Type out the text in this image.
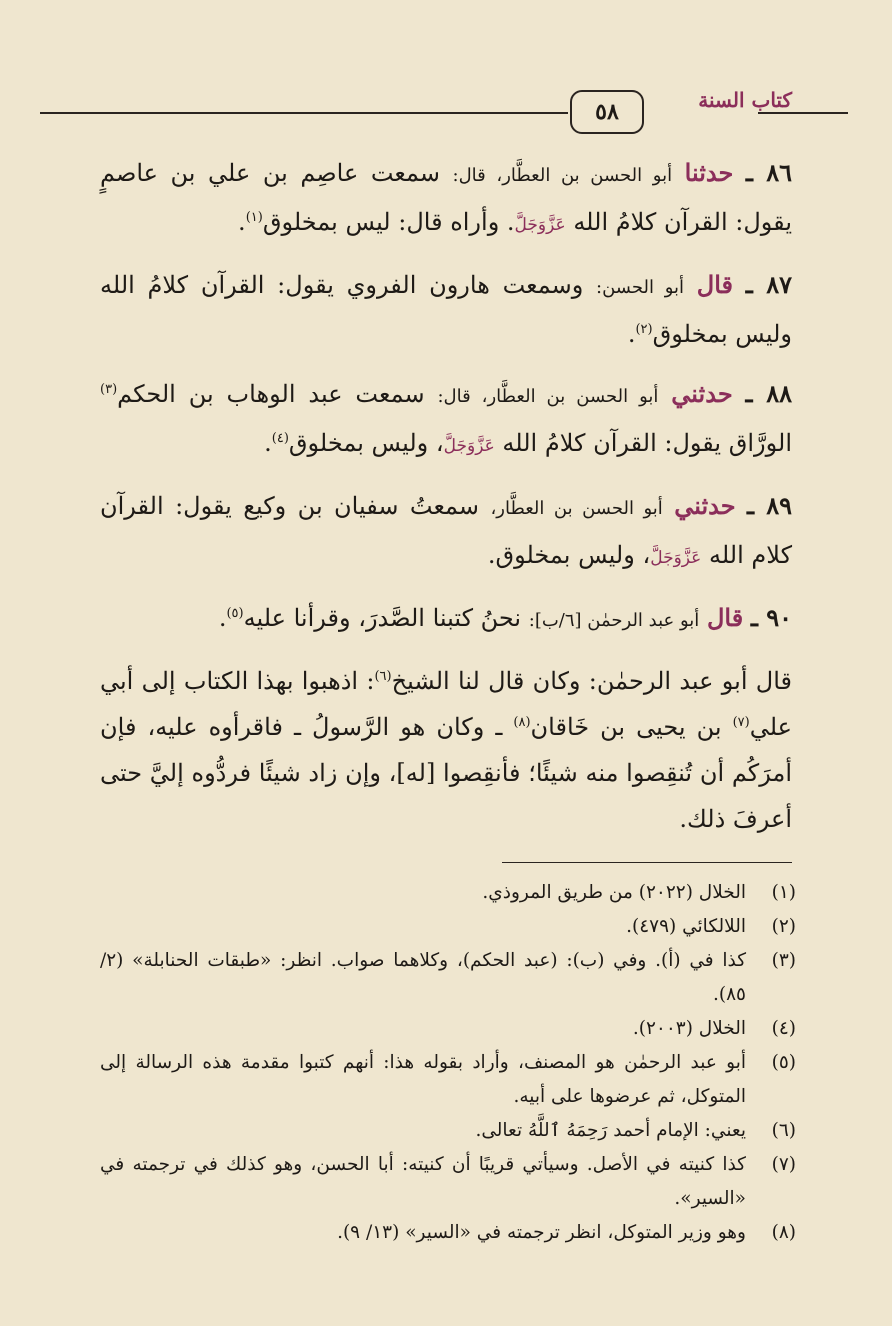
كتاب السنة
٥٨

٨٦ ـ حدثنا أبو الحسن بن العطَّار، قال: سمعت عاصِم بن علي بن عاصمٍ يقول: القرآن كلامُ الله عَزَّوَجَلَّ. وأراه قال: ليس بمخلوق$^{(١)}$.

٨٧ ـ قال أبو الحسن: وسمعت هارون الفروي يقول: القرآن كلامُ الله وليس بمخلوق$^{(٢)}$.

٨٨ ـ حدثني أبو الحسن بن العطَّار، قال: سمعت عبد الوهاب بن الحكم$^{(٣)}$ الورَّاق يقول: القرآن كلامُ الله عَزَّوَجَلَّ، وليس بمخلوق$^{(٤)}$.

٨٩ ـ حدثني أبو الحسن بن العطَّار، سمعتُ سفيان بن وكيع يقول: القرآن كلام الله عَزَّوَجَلَّ، وليس بمخلوق.

٩٠ ـ قال أبو عبد الرحمٰن [٦/ب]: نحنُ كتبنا الصَّدرَ، وقرأنا عليه$^{(٥)}$.

قال أبو عبد الرحمٰن: وكان قال لنا الشيخ$^{(٦)}$: اذهبوا بهذا الكتاب إلى أبي علي$^{(٧)}$ بن يحيى بن خَاقان$^{(٨)}$ ـ وكان هو الرَّسولُ ـ فاقرأوه عليه، فإن أمرَكُم أن تُنقِصوا منه شيئًا؛ فأنقِصوا [له]، وإن زاد شيئًا فردُّوه إليَّ حتى أعرفَ ذلك.

(١)
الخلال (٢٠٢٢) من طريق المروذي.
(٢)
اللالكائي (٤٧٩).
(٣)
كذا في (أ). وفي (ب): (عبد الحكم)، وكلاهما صواب. انظر: «طبقات الحنابلة» (٢/ ٨٥).
(٤)
الخلال (٢٠٠٣).
(٥)
أبو عبد الرحمٰن هو المصنف، وأراد بقوله هذا: أنهم كتبوا مقدمة هذه الرسالة إلى المتوكل، ثم عرضوها على أبيه.
(٦)
يعني: الإمام أحمد رَحِمَهُ ٱللَّهُ تعالى.
(٧)
كذا كنيته في الأصل. وسيأتي قريبًا أن كنيته: أبا الحسن، وهو كذلك في ترجمته في «السير».
(٨)
وهو وزير المتوكل، انظر ترجمته في «السير» (١٣/ ٩).
